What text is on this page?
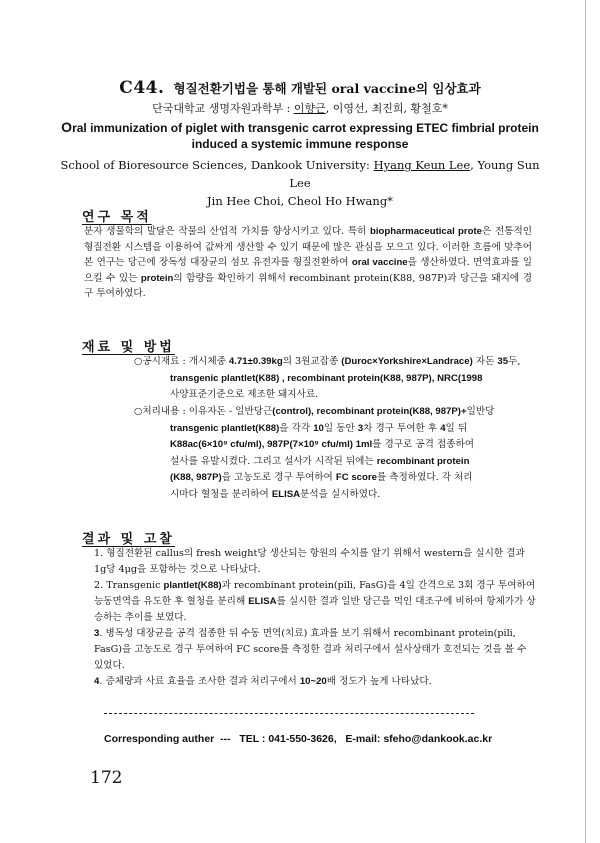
C44. 형질전환기법을 통해 개발된 oral vaccine의 임상효과
단국대학교 생명자원과학부 : 이향근, 이영선, 최진희, 황철호*
Oral immunization of piglet with transgenic carrot expressing ETEC fimbrial protein
induced a systemic immune response
School of Bioresource Sciences, Dankook University: Hyang Keun Lee, Young Sun Lee
Jin Hee Choi, Cheol Ho Hwang*
연구 목적
분자 생물학의 발달은 작물의 산업적 가치를 향상시키고 있다. 특히 biopharmaceutical prote은 전통적인 형질전환 시스템을 이용하여 값싸게 생산할 수 있기 때문에 많은 관심을 모으고 있다. 이러한 흐름에 맞추어 본 연구는 당근에 장독성 대장균의 섬모 유전자를 형질전환하여 oral vaccine을 생산하였다. 면역효과를 일으킬 수 있는 protein의 함량을 확인하기 위해서 recombinant protein(K88, 987P)과 당근을 돼지에 경구 투여하였다.
재료 및 방법
○공시재료 : 개시체중 4.71±0.39kg의 3원교잡종 (Duroc×Yorkshire×Landrace) 자돈 35두,
transgenic plantlet(K88) , recombinant protein(K88, 987P), NRC(1998
사양표준기준으로 제조한 돼지사료.
○처리내용 : 이유자돈 - 일반당근(control), recombinant protein(K88, 987P)+일반당
transgenic plantlet(K88)을 각각 10일 동안 3차 경구 투여한 후 4일 뒤
K88ac(6×10⁹ cfu/ml), 987P(7×10⁹ cfu/ml) 1ml를 경구로 공격 접종하여
설사를 유발시켰다. 그리고 설사가 시작된 뒤에는 recombinant protein
(K88, 987P)을 고농도로 경구 투여하여 FC score를 측정하였다. 각 처리
시마다 혈청을 분리하여 ELISA분석을 실시하였다.
결과 및 고찰

1. 형질전환된 callus의 fresh weight당 생산되는 항원의 수치를 알기 위해서 western을 실시한 결과 1g당 4μg을 포함하는 것으로 나타났다.

2. Transgenic plantlet(K88)과 recombinant protein(pili, FasG)을 4일 간격으로 3회 경구 투여하여 능동면역을 유도한 후 혈청을 분리해 ELISA를 실시한 결과 일반 당근을 먹인 대조구에 비하여 항체가가 상승하는 추이를 보였다.

3. 병독성 대장균을 공격 접종한 뒤 수동 면역(치료) 효과를 보기 위해서 recombinant protein(pili, FasG)을 고농도로 경구 투여하여 FC score를 측정한 결과 처리구에서 설사상태가 호전되는 것을 볼 수 있었다.

4. 증체량과 사료 효율을 조사한 결과 처리구에서 10~20배 정도가 높게 나타났다.

Corresponding auther --- TEL : 041-550-3626, E-mail: sfeho@dankook.ac.kr
172
